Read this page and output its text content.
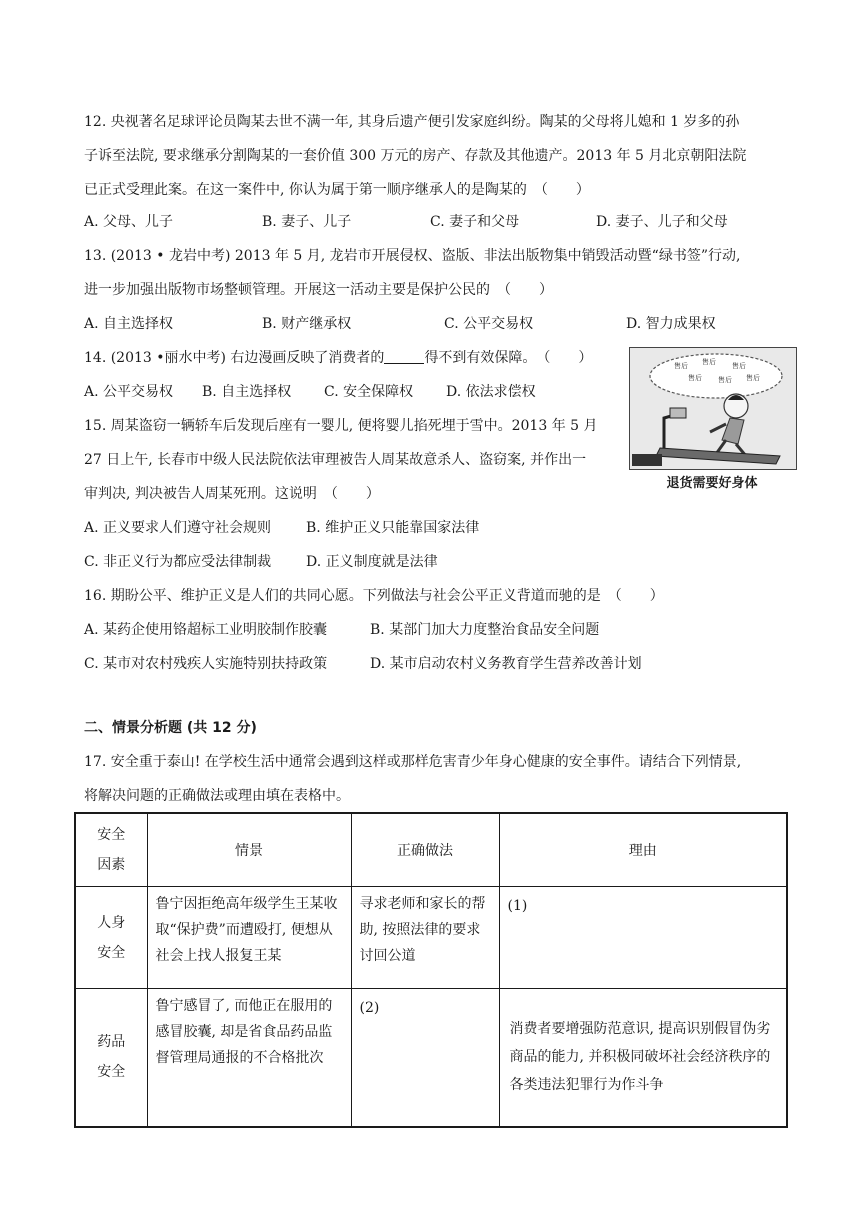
12. 央视著名足球评论员陶某去世不满一年, 其身后遗产便引发家庭纠纷。陶某的父母将儿媳和 1 岁多的孙
子诉至法院, 要求继承分割陶某的一套价值 300 万元的房产、存款及其他遗产。2013 年 5 月北京朝阳法院
已正式受理此案。在这一案件中, 你认为属于第一顺序继承人的是陶某的　（　　）
A. 父母、儿子	B. 妻子、儿子	C. 妻子和父母	D. 妻子、儿子和父母
13. (2013 • 龙岩中考) 2013 年 5 月, 龙岩市开展侵权、盗版、非法出版物集中销毁活动暨“绿书签”行动,
进一步加强出版物市场整顿管理。开展这一活动主要是保护公民的　（　　）
A. 自主选择权	B. 财产继承权	C. 公平交易权	D. 智力成果权
14. (2013 •丽水中考) 右边漫画反映了消费者的	得不到有效保障。　（　　）
A. 公平交易权 B. 自主选择权 C. 安全保障权 D. 依法求偿权
售后 售后 售后
售后 售后 售后
退货需要好身体
15. 周某盗窃一辆轿车后发现后座有一婴儿, 便将婴儿掐死埋于雪中。2013 年 5 月
27 日上午, 长春市中级人民法院依法审理被告人周某故意杀人、盗窃案, 并作出一
审判决, 判决被告人周某死刑。这说明　（　　）
A. 正义要求人们遵守社会规则 B. 维护正义只能靠国家法律
C. 非正义行为都应受法律制裁 D. 正义制度就是法律
16. 期盼公平、维护正义是人们的共同心愿。下列做法与社会公平正义背道而驰的是　（　　）
A. 某药企使用铬超标工业明胶制作胶囊	B. 某部门加大力度整治食品安全问题
C. 某市对农村残疾人实施特别扶持政策	D. 某市启动农村义务教育学生营养改善计划
二、情景分析题 (共 12 分)
17. 安全重于泰山! 在学校生活中通常会遇到这样或那样危害青少年身心健康的安全事件。请结合下列情景,
将解决问题的正确做法或理由填在表格中。
安全因素	情景	正确做法	理由
人身安全	鲁宁因拒绝高年级学生王某收取“保护费”而遭殴打, 便想从社会上找人报复王某	寻求老师和家长的帮助, 按照法律的要求讨回公道	(1)
药品安全	鲁宁感冒了, 而他正在服用的感冒胶囊, 却是省食品药品监督管理局通报的不合格批次	(2)	消费者要增强防范意识, 提高识别假冒伪劣商品的能力, 并积极同破坏社会经济秩序的各类违法犯罪行为作斗争
